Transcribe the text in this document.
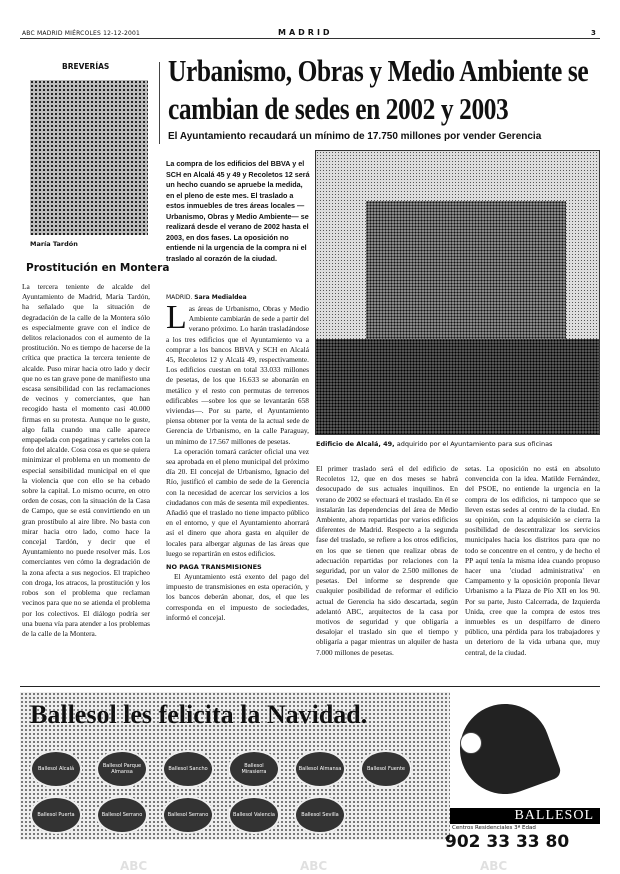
ABC MADRID MIÉRCOLES 12-12-2001	MADRID	3
BREVERÍAS
María Tardón
Prostitución en Montera
La tercera teniente de alcalde del Ayuntamiento de Madrid, María Tardón, ha señalado que la situación de degradación de la calle de la Montera sólo es especialmente grave con el índice de delitos relacionados con el aumento de la prostitución. No es tiempo de hacerse de la crítica que practica la tercera teniente de alcalde. Puso mirar hacia otro lado y decir que no es tan grave pone de manifiesto una escasa sensibilidad con las reclamaciones de vecinos y comerciantes, que han recogido hasta el momento casi 40.000 firmas en su protesta. Aunque no le guste, algo falla cuando una calle aparece empapelada con pegatinas y carteles con la foto del alcalde. Cosa cosa es que se quiera minimizar el problema en un momento de especial sensibilidad municipal en el que la violencia que con ello se ha cebado sobre la capital. Lo mismo ocurre, en otro orden de cosas, con la situación de la Casa de Campo, que se está convirtiendo en un gran prostíbulo al aire libre. No basta con mirar hacia otro lado, como hace la concejal Tardón, y decir que el Ayuntamiento no puede resolver más. Los comerciantes ven cómo la degradación de la zona afecta a sus negocios. El trapicheo con droga, los atracos, la prostitución y los robos son el problema que reclaman vecinos para que no se atienda el problema por los colectivos. El diálogo podría ser una buena vía para atender a los problemas de la calle de la Montera.
Urbanismo, Obras y Medio Ambiente se cambian de sedes en 2002 y 2003
El Ayuntamiento recaudará un mínimo de 17.750 millones por vender Gerencia
La compra de los edificios del BBVA y el SCH en Alcalá 45 y 49 y Recoletos 12 será un hecho cuando se apruebe la medida, en el pleno de este mes. El traslado a estos inmuebles de tres áreas locales —Urbanismo, Obras y Medio Ambiente— se realizará desde el verano de 2002 hasta el 2003, en dos fases. La oposición no entiende ni la urgencia de la compra ni el traslado al corazón de la ciudad.
MADRID. Sara Medialdea

Las áreas de Urbanismo, Obras y Medio Ambiente cambiarán de sede a partir del verano próximo. Lo harán trasladándose a los tres edificios que el Ayuntamiento va a comprar a los bancos BBVA y SCH en Alcalá 45, Recoletos 12 y Alcalá 49, respectivamente. Los edificios cuestan en total 33.033 millones de pesetas, de los que 16.633 se abonarán en metálico y el resto con permutas de terrenos edificables —sobre los que se levantarán 658 viviendas—. Por su parte, el Ayuntamiento piensa obtener por la venta de la actual sede de Gerencia de Urbanismo, en la calle Paraguay, un mínimo de 17.567 millones de pesetas.

La operación tomará carácter oficial una vez sea aprobada en el pleno municipal del próximo día 20. El concejal de Urbanismo, Ignacio del Río, justificó el cambio de sede de la Gerencia con la necesidad de acercar los servicios a los ciudadanos con más de sesenta mil expedientes. Añadió que el traslado no tiene impacto público en el entorno, y que el Ayuntamiento ahorrará así el dinero que ahora gasta en alquiler de locales para albergar algunas de las áreas que luego se repartirán en estos edificios.

NO PAGA TRANSMISIONES

El Ayuntamiento está exento del pago del impuesto de transmisiones en esta operación, y los bancos deberán abonar, dos, el que les corresponda en el impuesto de sociedades, informó el concejal.

Edificio de Alcalá, 49, adquirido por el Ayuntamiento para sus oficinas
El primer traslado será el del edificio de Recoletos 12, que en dos meses se habrá desocupado de sus actuales inquilinos. En verano de 2002 se efectuará el traslado. En él se instalarán las dependencias del área de Medio Ambiente, ahora repartidas por varios edificios diferentes de Madrid. Respecto a la segunda fase del traslado, se refiere a los otros edificios, en los que se tienen que realizar obras de adecuación repartidas por relaciones con la seguridad, por un valor de 2.500 millones de pesetas. Del informe se desprende que cualquier posibilidad de reformar el edificio actual de Gerencia ha sido descartada, según adelantó ABC, arquitectos de la casa por motivos de seguridad y que obligaría a desalojar el traslado sin que el tiempo y obligaría a pagar mientras un alquiler de hasta 7.000 millones de pesetas.
setas. La oposición no está en absoluto convencida con la idea. Matilde Fernández, del PSOE, no entiende la urgencia en la compra de los edificios, ni tampoco que se lleven estas sedes al centro de la ciudad. En su opinión, con la adquisición se cierra la posibilidad de descentralizar los servicios municipales hacia los distritos para que no todo se concentre en el centro, y de hecho el PP aquí tenía la misma idea cuando propuso hacer una 'ciudad administrativa' en Campamento y la oposición proponía llevar Urbanismo a la Plaza de Pío XII en los 90. Por su parte, Justo Calcerrada, de Izquierda Unida, cree que la compra de estos tres inmuebles es un despilfarro de dinero público, una pérdida para los trabajadores y un deterioro de la vida urbana que, muy central, de la ciudad.
Ballesol les felicita la Navidad.
Ballesol Alcalá	Ballesol Parque Almansa	Ballesol Sancho	Ballesol Mirasierra	Ballesol Almansa	Ballesol Fuente
Ballesol Puerta	Ballesol Serrano	Ballesol Serrano	Ballesol Valencia	Ballesol Sevilla	BALLESOL
Centros Residenciales 3ª Edad
902 33 33 80
ABC	ABC	ABC
